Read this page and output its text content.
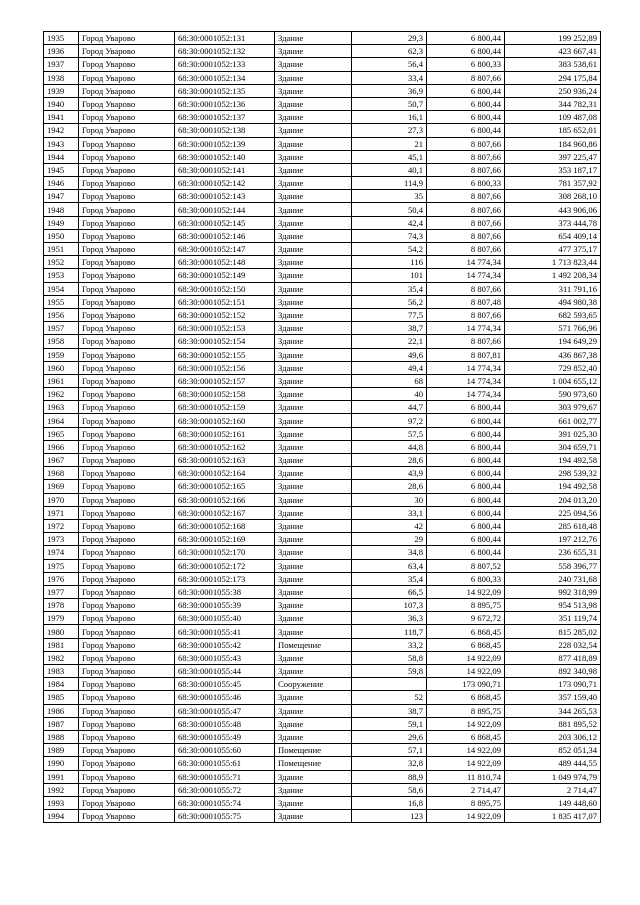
1935	Город Уварово	68:30:0001052:131	Здание	29,3	6 800,44	199 252,89
1936	Город Уварово	68:30:0001052:132	Здание	62,3	6 800,44	423 667,41
1937	Город Уварово	68:30:0001052:133	Здание	56,4	6 800,33	383 538,61
1938	Город Уварово	68:30:0001052:134	Здание	33,4	8 807,66	294 175,84
1939	Город Уварово	68:30:0001052:135	Здание	36,9	6 800,44	250 936,24
1940	Город Уварово	68:30:0001052:136	Здание	50,7	6 800,44	344 782,31
1941	Город Уварово	68:30:0001052:137	Здание	16,1	6 800,44	109 487,08
1942	Город Уварово	68:30:0001052:138	Здание	27,3	6 800,44	185 652,01
1943	Город Уварово	68:30:0001052:139	Здание	21	8 807,66	184 960,86
1944	Город Уварово	68:30:0001052:140	Здание	45,1	8 807,66	397 225,47
1945	Город Уварово	68:30:0001052:141	Здание	40,1	8 807,66	353 187,17
1946	Город Уварово	68:30:0001052:142	Здание	114,9	6 800,33	781 357,92
1947	Город Уварово	68:30:0001052:143	Здание	35	8 807,66	308 268,10
1948	Город Уварово	68:30:0001052:144	Здание	50,4	8 807,66	443 906,06
1949	Город Уварово	68:30:0001052:145	Здание	42,4	8 807,66	373 444,78
1950	Город Уварово	68:30:0001052:146	Здание	74,3	8 807,66	654 409,14
1951	Город Уварово	68:30:0001052:147	Здание	54,2	8 807,66	477 375,17
1952	Город Уварово	68:30:0001052:148	Здание	116	14 774,34	1 713 823,44
1953	Город Уварово	68:30:0001052:149	Здание	101	14 774,34	1 492 208,34
1954	Город Уварово	68:30:0001052:150	Здание	35,4	8 807,66	311 791,16
1955	Город Уварово	68:30:0001052:151	Здание	56,2	8 807,48	494 980,38
1956	Город Уварово	68:30:0001052:152	Здание	77,5	8 807,66	682 593,65
1957	Город Уварово	68:30:0001052:153	Здание	38,7	14 774,34	571 766,96
1958	Город Уварово	68:30:0001052:154	Здание	22,1	8 807,66	194 649,29
1959	Город Уварово	68:30:0001052:155	Здание	49,6	8 807,81	436 867,38
1960	Город Уварово	68:30:0001052:156	Здание	49,4	14 774,34	729 852,40
1961	Город Уварово	68:30:0001052:157	Здание	68	14 774,34	1 004 655,12
1962	Город Уварово	68:30:0001052:158	Здание	40	14 774,34	590 973,60
1963	Город Уварово	68:30:0001052:159	Здание	44,7	6 800,44	303 979,67
1964	Город Уварово	68:30:0001052:160	Здание	97,2	6 800,44	661 002,77
1965	Город Уварово	68:30:0001052:161	Здание	57,5	6 800,44	391 025,30
1966	Город Уварово	68:30:0001052:162	Здание	44,8	6 800,44	304 659,71
1967	Город Уварово	68:30:0001052:163	Здание	28,6	6 800,44	194 492,58
1968	Город Уварово	68:30:0001052:164	Здание	43,9	6 800,44	298 539,32
1969	Город Уварово	68:30:0001052:165	Здание	28,6	6 800,44	194 492,58
1970	Город Уварово	68:30:0001052:166	Здание	30	6 800,44	204 013,20
1971	Город Уварово	68:30:0001052:167	Здание	33,1	6 800,44	225 094,56
1972	Город Уварово	68:30:0001052:168	Здание	42	6 800,44	285 618,48
1973	Город Уварово	68:30:0001052:169	Здание	29	6 800,44	197 212,76
1974	Город Уварово	68:30:0001052:170	Здание	34,8	6 800,44	236 655,31
1975	Город Уварово	68:30:0001052:172	Здание	63,4	8 807,52	558 396,77
1976	Город Уварово	68:30:0001052:173	Здание	35,4	6 800,33	240 731,68
1977	Город Уварово	68:30:0001055:38	Здание	66,5	14 922,09	992 318,99
1978	Город Уварово	68:30:0001055:39	Здание	107,3	8 895,75	954 513,98
1979	Город Уварово	68:30:0001055:40	Здание	36,3	9 672,72	351 119,74
1980	Город Уварово	68:30:0001055:41	Здание	118,7	6 868,45	815 285,02
1981	Город Уварово	68:30:0001055:42	Помещение	33,2	6 868,45	228 032,54
1982	Город Уварово	68:30:0001055:43	Здание	58,8	14 922,09	877 418,89
1983	Город Уварово	68:30:0001055:44	Здание	59,8	14 922,09	892 340,98
1984	Город Уварово	68:30:0001055:45	Сооружение		173 090,71	173 090,71
1985	Город Уварово	68:30:0001055:46	Здание	52	6 868,45	357 159,40
1986	Город Уварово	68:30:0001055:47	Здание	38,7	8 895,75	344 265,53
1987	Город Уварово	68:30:0001055:48	Здание	59,1	14 922,09	881 895,52
1988	Город Уварово	68:30:0001055:49	Здание	29,6	6 868,45	203 306,12
1989	Город Уварово	68:30:0001055:60	Помещение	57,1	14 922,09	852 051,34
1990	Город Уварово	68:30:0001055:61	Помещение	32,8	14 922,09	489 444,55
1991	Город Уварово	68:30:0001055:71	Здание	88,9	11 810,74	1 049 974,79
1992	Город Уварово	68:30:0001055:72	Здание	58,6	2 714,47	2 714,47
1993	Город Уварово	68:30:0001055:74	Здание	16,8	8 895,75	149 448,60
1994	Город Уварово	68:30:0001055:75	Здание	123	14 922,09	1 835 417,07
